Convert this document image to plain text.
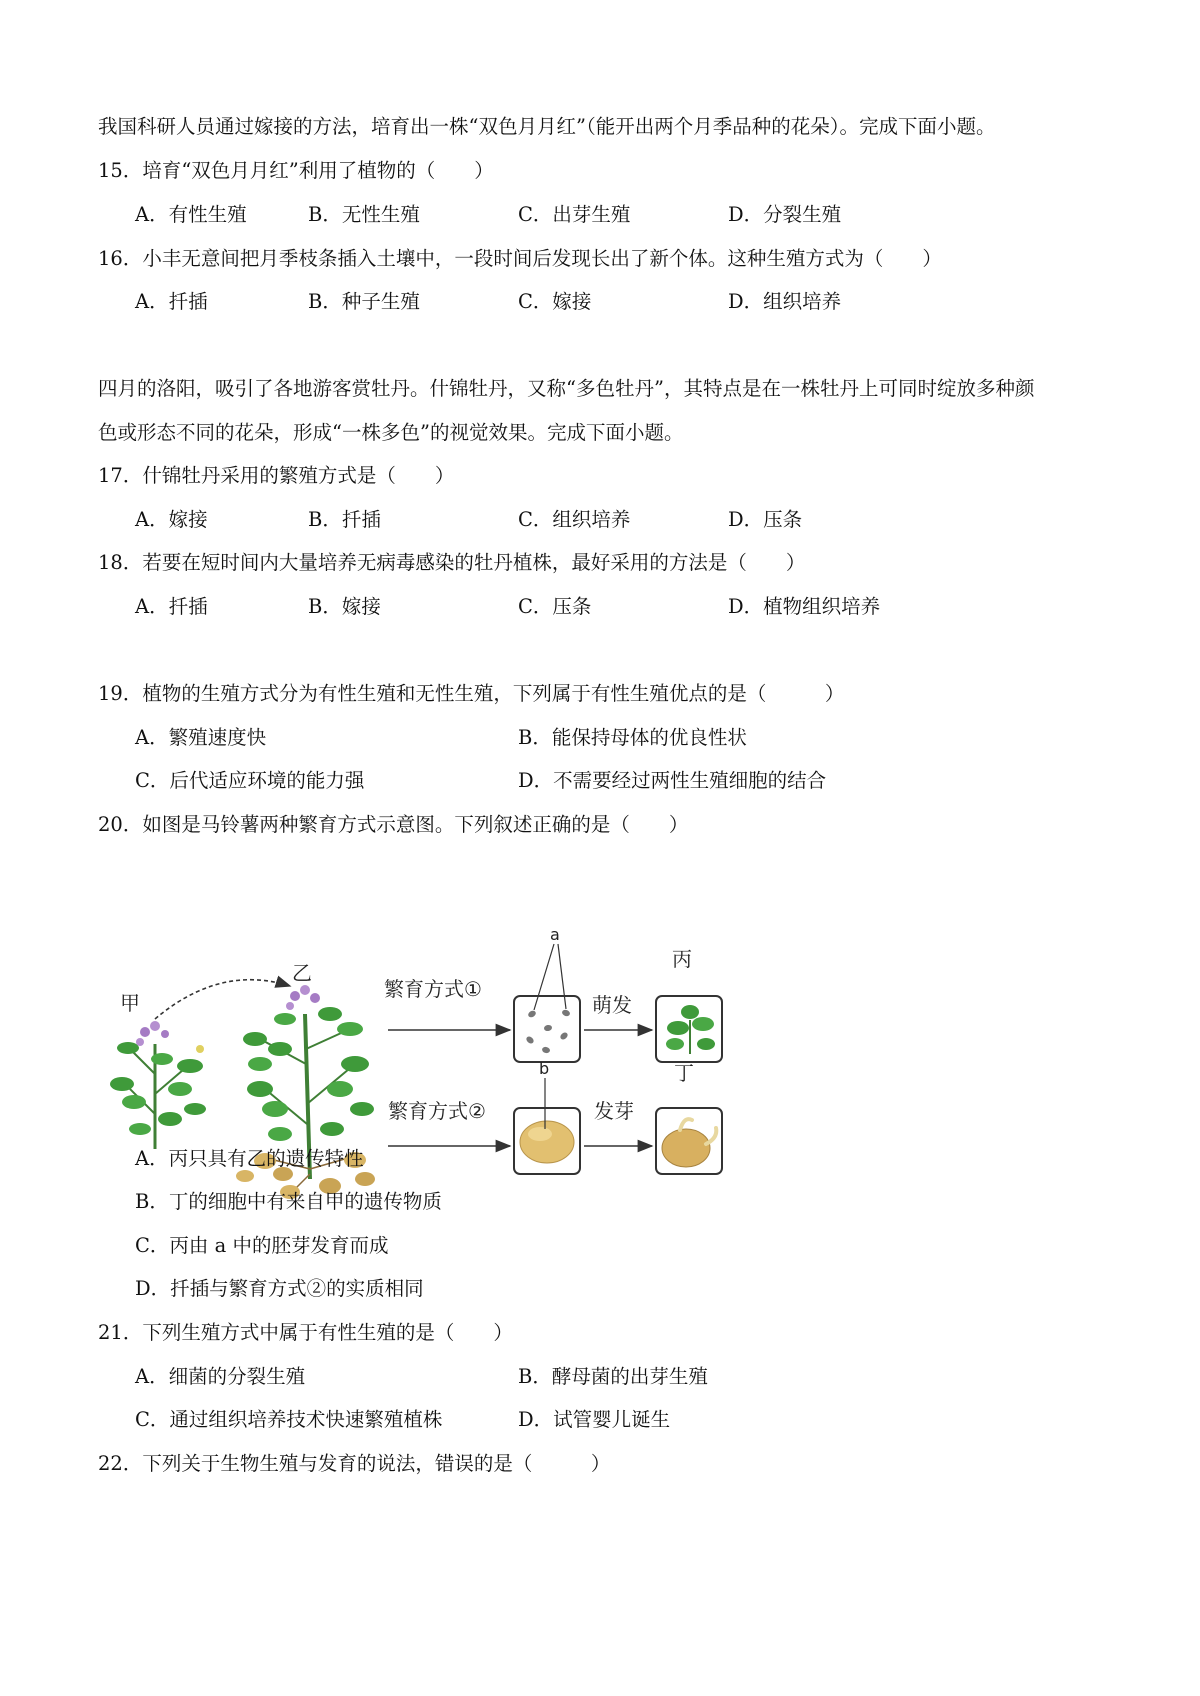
我国科研人员通过嫁接的方法，培育出一株“双色月月红”（能开出两个月季品种的花朵）。完成下面小题。
15．培育“双色月月红”利用了植物的（　　）
A．有性生殖	B．无性生殖	C．出芽生殖	D．分裂生殖
16．小丰无意间把月季枝条插入土壤中，一段时间后发现长出了新个体。这种生殖方式为（　　）
A．扦插	B．种子生殖	C．嫁接	D．组织培养
四月的洛阳，吸引了各地游客赏牡丹。什锦牡丹，又称“多色牡丹”，其特点是在一株牡丹上可同时绽放多种颜
色或形态不同的花朵，形成“一株多色”的视觉效果。完成下面小题。
17．什锦牡丹采用的繁殖方式是（　　）
A．嫁接	B．扦插	C．组织培养	D．压条
18．若要在短时间内大量培养无病毒感染的牡丹植株，最好采用的方法是（　　）
A．扦插	B．嫁接	C．压条	D．植物组织培养
19．植物的生殖方式分为有性生殖和无性生殖，下列属于有性生殖优点的是（　　　）
A．繁殖速度快	B．能保持母体的优良性状
C．后代适应环境的能力强	D．不需要经过两性生殖细胞的结合
20．如图是马铃薯两种繁育方式示意图。下列叙述正确的是（　　）
甲
乙
繁育方式①
a
萌发
丙
繁育方式②
b
发芽
丁
A．丙只具有乙的遗传特性
B．丁的细胞中有来自甲的遗传物质
C．丙由 a 中的胚芽发育而成
D．扦插与繁育方式②的实质相同
21．下列生殖方式中属于有性生殖的是（　　）
A．细菌的分裂生殖	B．酵母菌的出芽生殖
C．通过组织培养技术快速繁殖植株	D．试管婴儿诞生
22．下列关于生物生殖与发育的说法，错误的是（　　　）
